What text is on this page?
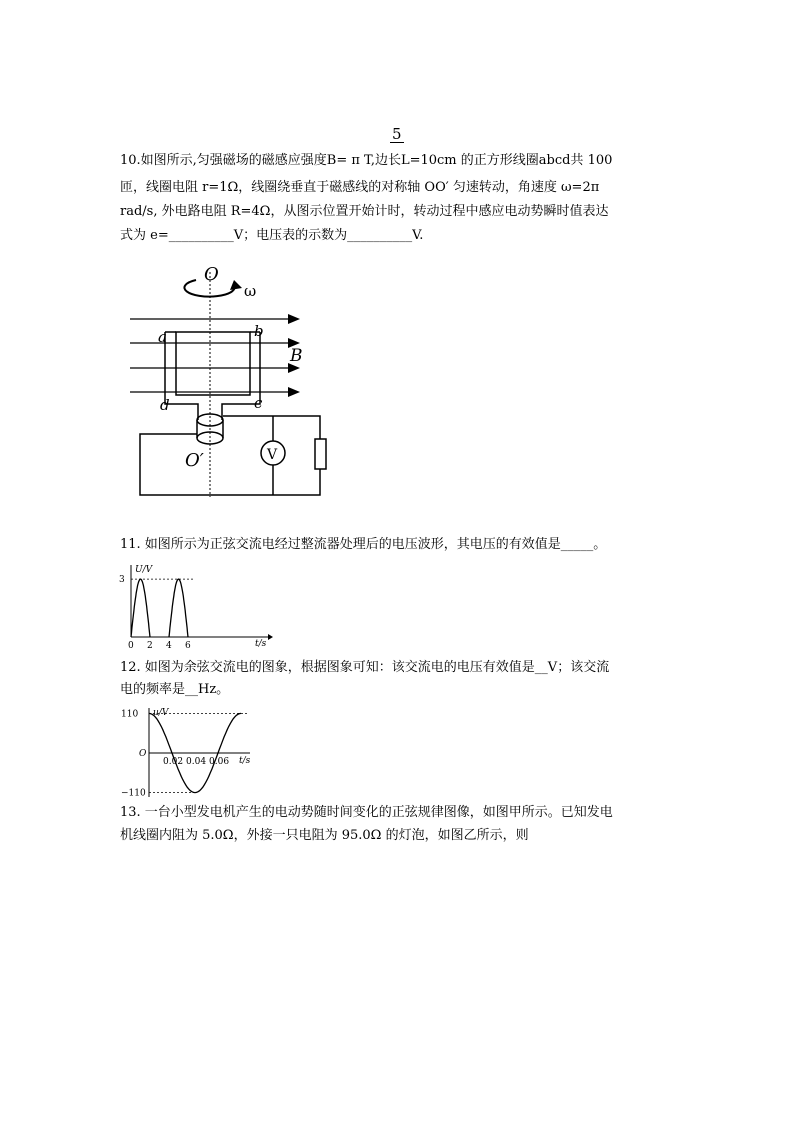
5
10.如图所示,匀强磁场的磁感应强度B= π T,边长L=10cm 的正方形线圈abcd共 100
匝，线圈电阻 r=1Ω，线圈绕垂直于磁感线的对称轴 OO′ 匀速转动，角速度 ω=2π
rad/s, 外电路电阻 R=4Ω，从图示位置开始计时，转动过程中感应电动势瞬时值表达
式为 e=__________V；电压表的示数为__________V.
O
ω
a	b
d	c
B
O′	V
11. 如图所示为正弦交流电经过整流器处理后的电压波形，其电压的有效值是_____。
U/V
t/s
0 2 4 6
3
12. 如图为余弦交流电的图象，根据图象可知：该交流电的电压有效值是__V；该交流
电的频率是__Hz。
u/V
t/s
0.02 0.04 0.06
110
O
−110
13. 一台小型发电机产生的电动势随时间变化的正弦规律图像，如图甲所示。已知发电
机线圈内阻为 5.0Ω，外接一只电阻为 95.0Ω 的灯泡，如图乙所示，则
